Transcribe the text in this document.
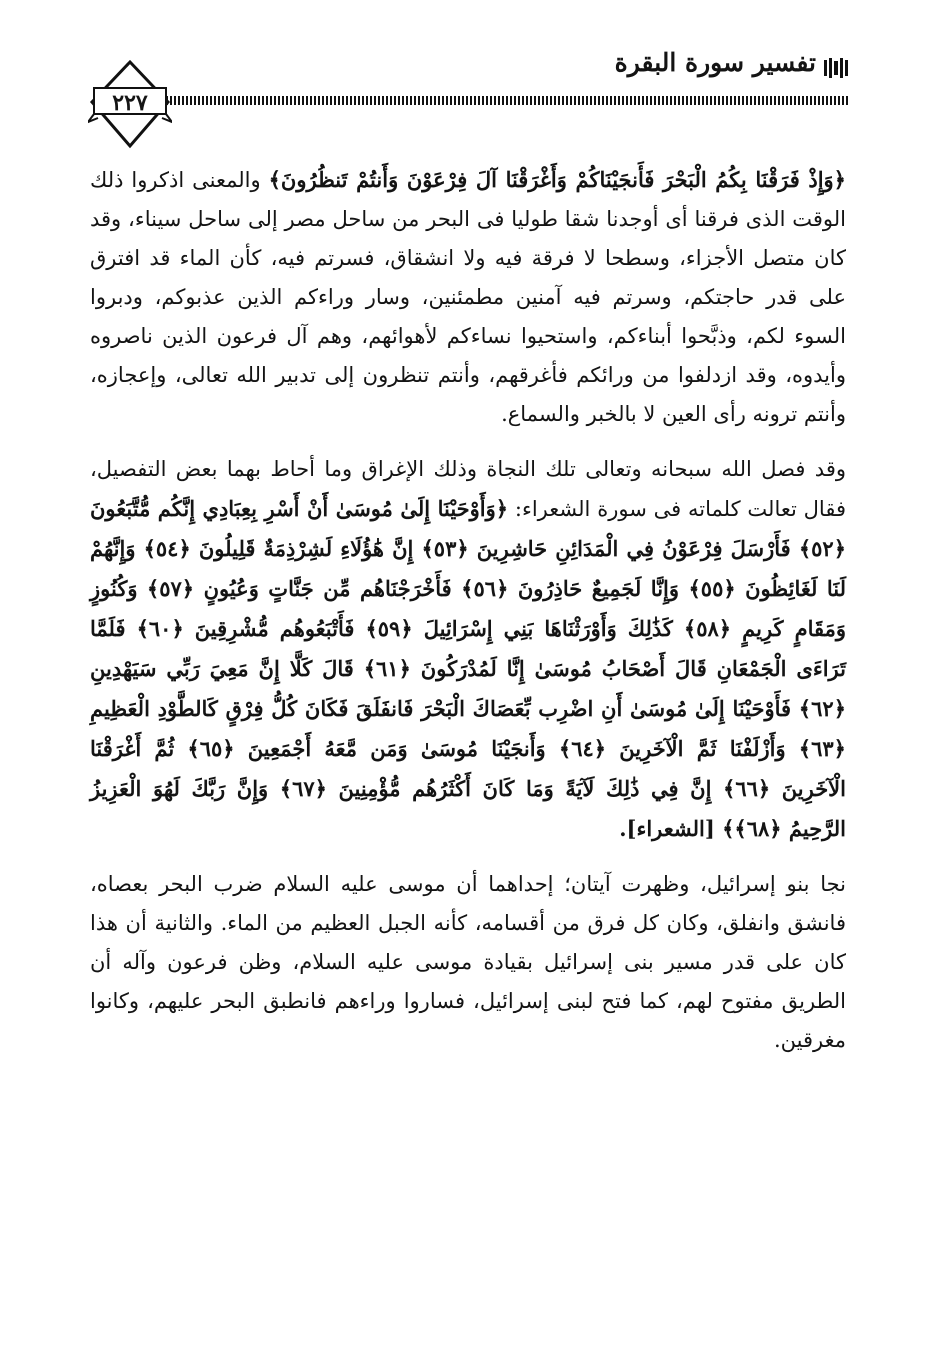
تفسير سورة البقرة
٢٢٧

﴿وَإِذْ فَرَقْنَا بِكُمُ الْبَحْرَ فَأَنجَيْنَاكُمْ وَأَغْرَقْنَا آلَ فِرْعَوْنَ وَأَنتُمْ تَنظُرُونَ﴾ والمعنى اذكروا ذلك الوقت الذى فرقنا أى أوجدنا شقا طوليا فى البحر من ساحل مصر إلى ساحل سيناء، وقد كان متصل الأجزاء، وسطحا لا فرقة فيه ولا انشقاق، فسرتم فيه، كأن الماء قد افترق على قدر حاجتكم، وسرتم فيه آمنين مطمئنين، وسار وراءكم الذين عذبوكم، ودبروا السوء لكم، وذبَّحوا أبناءكم، واستحيوا نساءكم لأهوائهم، وهم آل فرعون الذين ناصروه وأيدوه، وقد ازدلفوا من ورائكم فأغرقهم، وأنتم تنظرون إلى تدبير الله تعالى، وإعجازه، وأنتم ترونه رأى العين لا بالخبر والسماع.

وقد فصل الله سبحانه وتعالى تلك النجاة وذلك الإغراق وما أحاط بهما بعض التفصيل، فقال تعالت كلماته فى سورة الشعراء: ﴿وَأَوْحَيْنَا إِلَىٰ مُوسَىٰ أَنْ أَسْرِ بِعِبَادِي إِنَّكُم مُّتَّبَعُونَ ﴿٥٢﴾ فَأَرْسَلَ فِرْعَوْنُ فِي الْمَدَائِنِ حَاشِرِينَ ﴿٥٣﴾ إِنَّ هَٰؤُلَاءِ لَشِرْذِمَةٌ قَلِيلُونَ ﴿٥٤﴾ وَإِنَّهُمْ لَنَا لَغَائِظُونَ ﴿٥٥﴾ وَإِنَّا لَجَمِيعٌ حَاذِرُونَ ﴿٥٦﴾ فَأَخْرَجْنَاهُم مِّن جَنَّاتٍ وَعُيُونٍ ﴿٥٧﴾ وَكُنُوزٍ وَمَقَامٍ كَرِيمٍ ﴿٥٨﴾ كَذَٰلِكَ وَأَوْرَثْنَاهَا بَنِي إِسْرَائِيلَ ﴿٥٩﴾ فَأَتْبَعُوهُم مُّشْرِقِينَ ﴿٦٠﴾ فَلَمَّا تَرَاءَى الْجَمْعَانِ قَالَ أَصْحَابُ مُوسَىٰ إِنَّا لَمُدْرَكُونَ ﴿٦١﴾ قَالَ كَلَّا إِنَّ مَعِيَ رَبِّي سَيَهْدِينِ ﴿٦٢﴾ فَأَوْحَيْنَا إِلَىٰ مُوسَىٰ أَنِ اضْرِب بِّعَصَاكَ الْبَحْرَ فَانفَلَقَ فَكَانَ كُلُّ فِرْقٍ كَالطَّوْدِ الْعَظِيمِ ﴿٦٣﴾ وَأَزْلَفْنَا ثَمَّ الْآخَرِينَ ﴿٦٤﴾ وَأَنجَيْنَا مُوسَىٰ وَمَن مَّعَهُ أَجْمَعِينَ ﴿٦٥﴾ ثُمَّ أَغْرَقْنَا الْآخَرِينَ ﴿٦٦﴾ إِنَّ فِي ذَٰلِكَ لَآيَةً وَمَا كَانَ أَكْثَرُهُم مُّؤْمِنِينَ ﴿٦٧﴾ وَإِنَّ رَبَّكَ لَهُوَ الْعَزِيزُ الرَّحِيمُ ﴿٦٨﴾﴾ [الشعراء].

نجا بنو إسرائيل، وظهرت آيتان؛ إحداهما أن موسى عليه السلام ضرب البحر بعصاه، فانشق وانفلق، وكان كل فرق من أقسامه، كأنه الجبل العظيم من الماء. والثانية أن هذا كان على قدر مسير بنى إسرائيل بقيادة موسى عليه السلام، وظن فرعون وآله أن الطريق مفتوح لهم، كما فتح لبنى إسرائيل، فساروا وراءهم فانطبق البحر عليهم، وكانوا مغرقين.
